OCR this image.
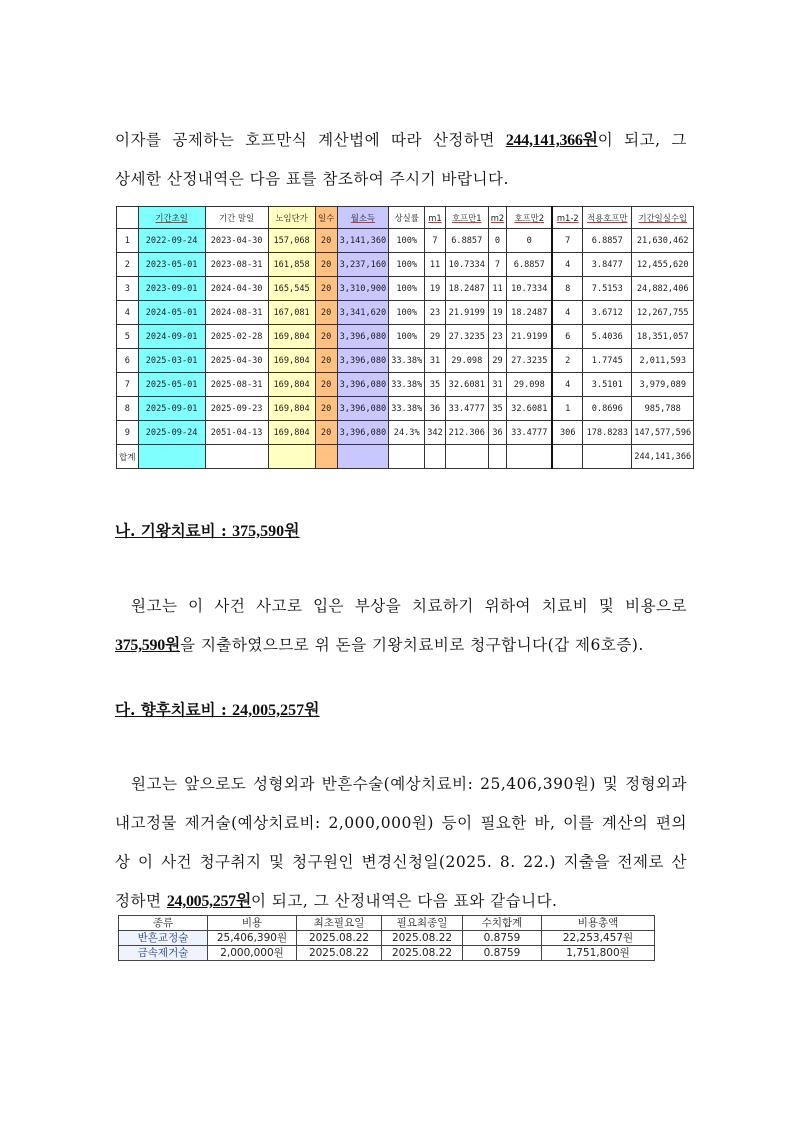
이자를 공제하는 호프만식 계산법에 따라 산정하면 244,141,366원이 되고, 그
상세한 산정내역은 다음 표를 참조하여 주시기 바랍니다.
	기간초일	기간 말일	노임단가	일수	월소득	상실률	m1	호프만1	m2	호프만2	m1-2	적용호프만	기간일실수입
1	2022-09-24	2023-04-30	157,068	20	3,141,360	100%	7	6.8857	0	0	7	6.8857	21,630,462
2	2023-05-01	2023-08-31	161,858	20	3,237,160	100%	11	10.7334	7	6.8857	4	3.8477	12,455,620
3	2023-09-01	2024-04-30	165,545	20	3,310,900	100%	19	18.2487	11	10.7334	8	7.5153	24,882,406
4	2024-05-01	2024-08-31	167,081	20	3,341,620	100%	23	21.9199	19	18.2487	4	3.6712	12,267,755
5	2024-09-01	2025-02-28	169,804	20	3,396,080	100%	29	27.3235	23	21.9199	6	5.4036	18,351,057
6	2025-03-01	2025-04-30	169,804	20	3,396,080	33.38%	31	29.098	29	27.3235	2	1.7745	2,011,593
7	2025-05-01	2025-08-31	169,804	20	3,396,080	33.38%	35	32.6081	31	29.098	4	3.5101	3,979,089
8	2025-09-01	2025-09-23	169,804	20	3,396,080	33.38%	36	33.4777	35	32.6081	1	0.8696	985,788
9	2025-09-24	2051-04-13	169,804	20	3,396,080	24.3%	342	212.306	36	33.4777	306	178.8283	147,577,596
합계													244,141,366
나. 기왕치료비 : 375,590원
원고는 이 사건 사고로 입은 부상을 치료하기 위하여 치료비 및 비용으로
375,590원을 지출하였으므로 위 돈을 기왕치료비로 청구합니다(갑 제6호증).
다. 향후치료비 : 24,005,257원
원고는 앞으로도 성형외과 반흔수술(예상치료비: 25,406,390원) 및 정형외과
내고정물 제거술(예상치료비: 2,000,000원) 등이 필요한 바, 이를 계산의 편의
상 이 사건 청구취지 및 청구원인 변경신청일(2025. 8. 22.) 지출을 전제로 산
정하면 24,005,257원이 되고, 그 산정내역은 다음 표와 같습니다.
종류	비용	최초필요일	필요최종일	수치합계	비용총액
반흔교정술	25,406,390원	2025.08.22	2025.08.22	0.8759	22,253,457원
금속제거술	2,000,000원	2025.08.22	2025.08.22	0.8759	1,751,800원
